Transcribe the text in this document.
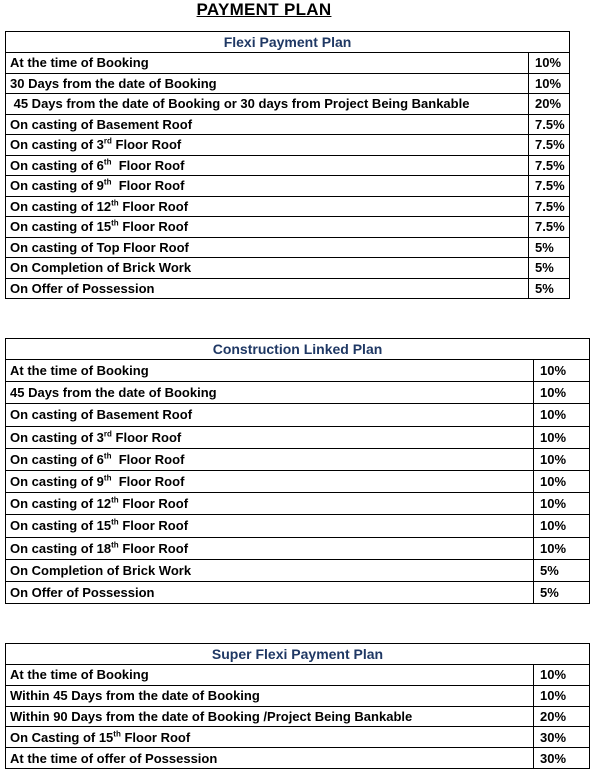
PAYMENT PLAN
Flexi Payment Plan	
At the time of Booking	10%
30 Days from the date of Booking	10%
45 Days from the date of Booking or 30 days from Project Being Bankable	20%
On casting of Basement Roof	7.5%
On casting of 3rd Floor Roof	7.5%
On casting of 6th  Floor Roof	7.5%
On casting of 9th  Floor Roof	7.5%
On casting of 12th Floor Roof	7.5%
On casting of 15th Floor Roof	7.5%
On casting of Top Floor Roof	5%
On Completion of Brick Work	5%
On Offer of Possession	5%
Construction Linked Plan	
At the time of Booking	10%
45 Days from the date of Booking	10%
On casting of Basement Roof	10%
On casting of 3rd Floor Roof	10%
On casting of 6th  Floor Roof	10%
On casting of 9th  Floor Roof	10%
On casting of 12th Floor Roof	10%
On casting of 15th Floor Roof	10%
On casting of 18th Floor Roof	10%
On Completion of Brick Work	5%
On Offer of Possession	5%
Super Flexi Payment Plan	
At the time of Booking	10%
Within 45 Days from the date of Booking	10%
Within 90 Days from the date of Booking /Project Being Bankable	20%
On Casting of 15th Floor Roof	30%
At the time of offer of Possession	30%
